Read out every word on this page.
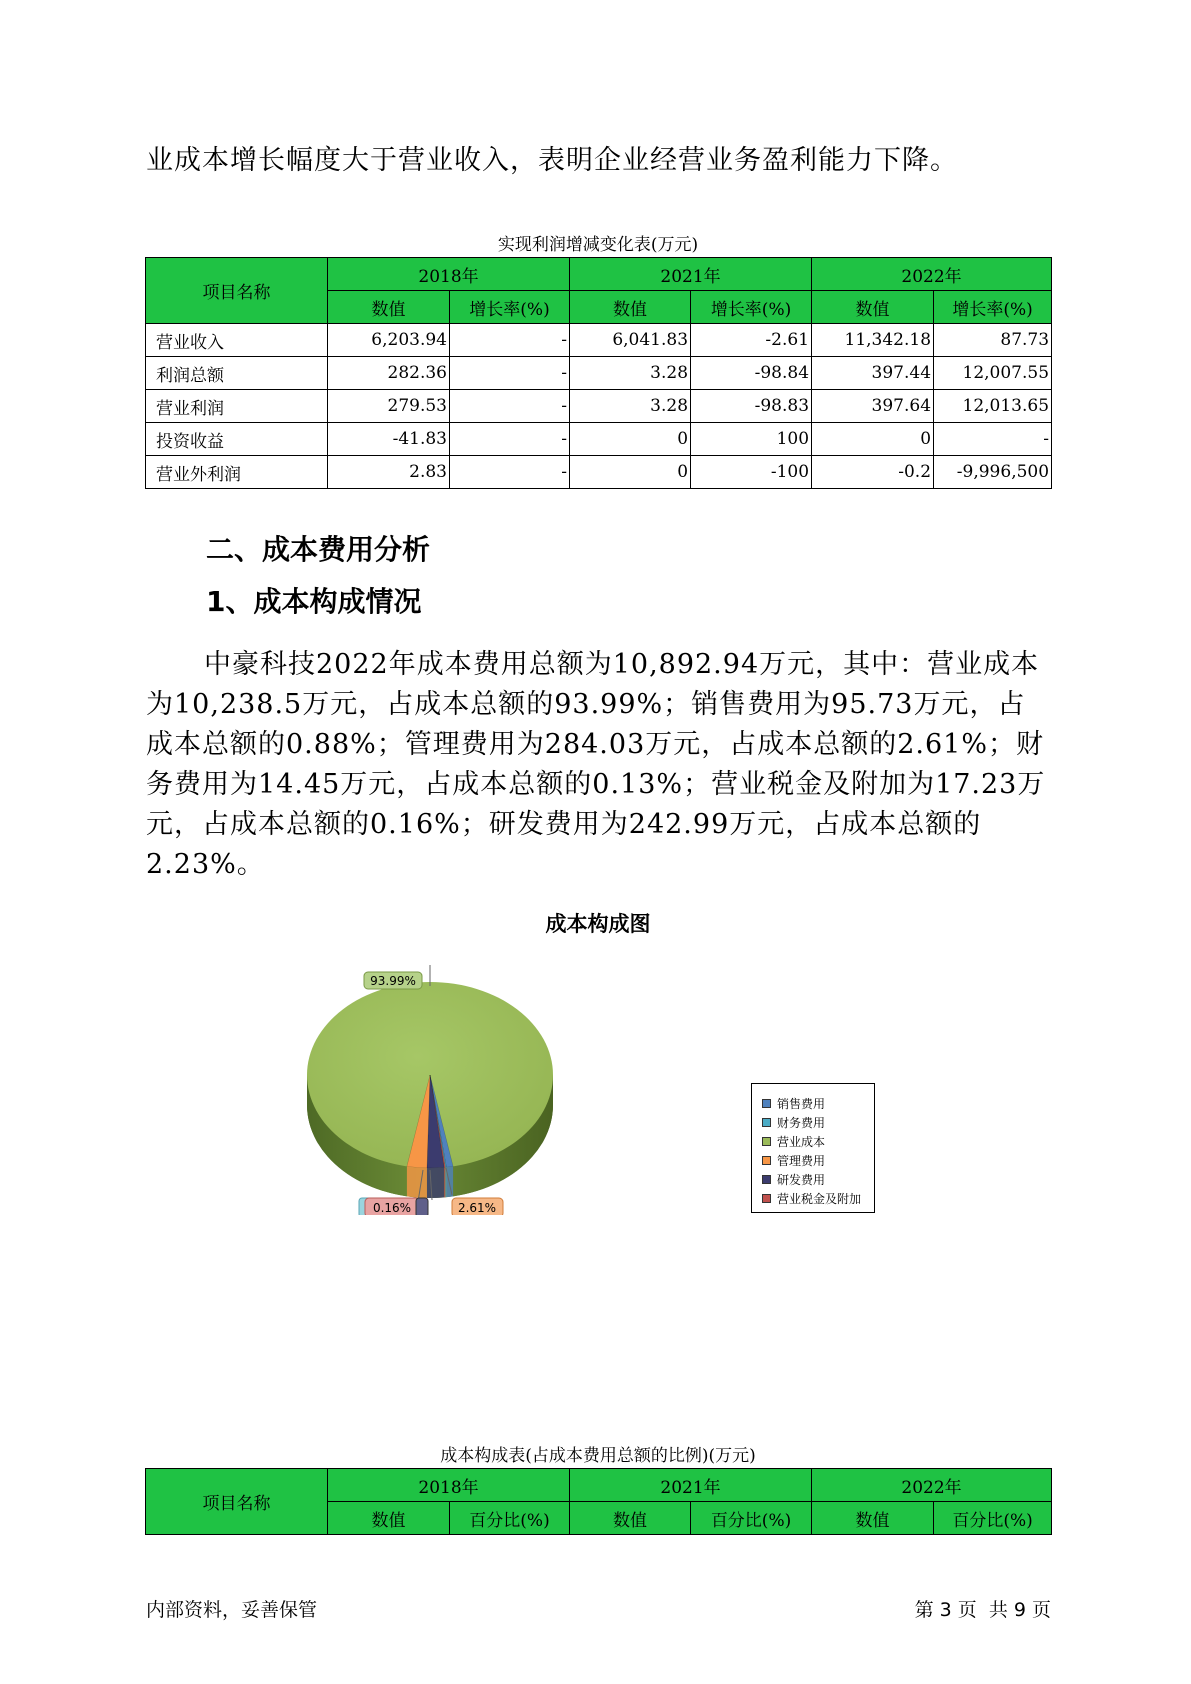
业成本增长幅度大于营业收入，表明企业经营业务盈利能力下降。
实现利润增减变化表(万元)
项目名称	2018年		2021年		2022年	
	数值	增长率(%)	数值	增长率(%)	数值	增长率(%)
营业收入	6,203.94	-	6,041.83	-2.61	11,342.18	87.73
利润总额	282.36	-	3.28	-98.84	397.44	12,007.55
营业利润	279.53	-	3.28	-98.83	397.64	12,013.65
投资收益	-41.83	-	0	100	0	-
营业外利润	2.83	-	0	-100	-0.2	-9,996,500
二、成本费用分析
1、成本构成情况
中豪科技2022年成本费用总额为10,892.94万元，其中：营业成本为10,238.5万元，占成本总额的93.99%；销售费用为95.73万元，占成本总额的0.88%；管理费用为284.03万元，占成本总额的2.61%；财务费用为14.45万元，占成本总额的0.13%；营业税金及附加为17.23万元，占成本总额的0.16%；研发费用为242.99万元，占成本总额的2.23%。
成本构成图
93.99%
0.16%	2.61%
销售费用
财务费用
营业成本
管理费用
研发费用
营业税金及附加
成本构成表(占成本费用总额的比例)(万元)
项目名称	2018年		2021年		2022年	
	数值	百分比(%)	数值	百分比(%)	数值	百分比(%)
内部资料，妥善保管	第 3 页  共 9 页
